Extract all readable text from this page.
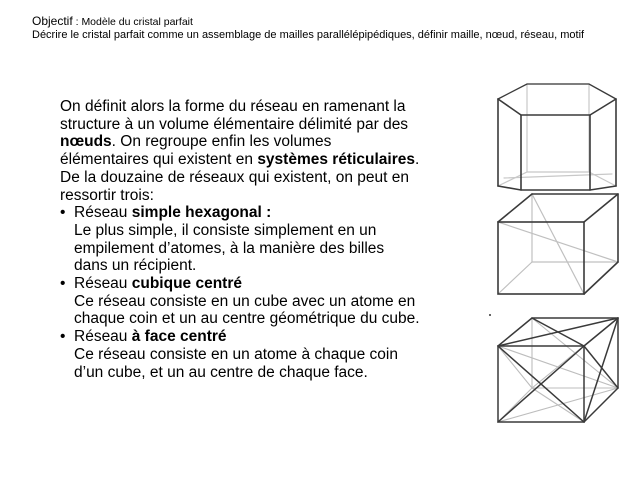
Objectif : Modèle du cristal parfait
Décrire le cristal parfait comme un assemblage de mailles parallélépipédiques, définir maille, nœud, réseau, motif

On définit alors la forme du réseau en ramenant la structure à un volume élémentaire délimité par des nœuds. On regroupe enfin les volumes élémentaires qui existent en systèmes réticulaires.

De la douzaine de réseaux qui existent, on peut en ressortir trois:

• Réseau simple hexagonal :

Le plus simple, il consiste simplement en un empilement d’atomes, à la manière des billes dans un récipient.

• Réseau cubique centré

Ce réseau consiste en un cube avec un atome en chaque coin et un au centre géométrique du cube.

• Réseau à face centré

Ce réseau consiste en un atome à chaque coin d’un cube, et un au centre de chaque face.
